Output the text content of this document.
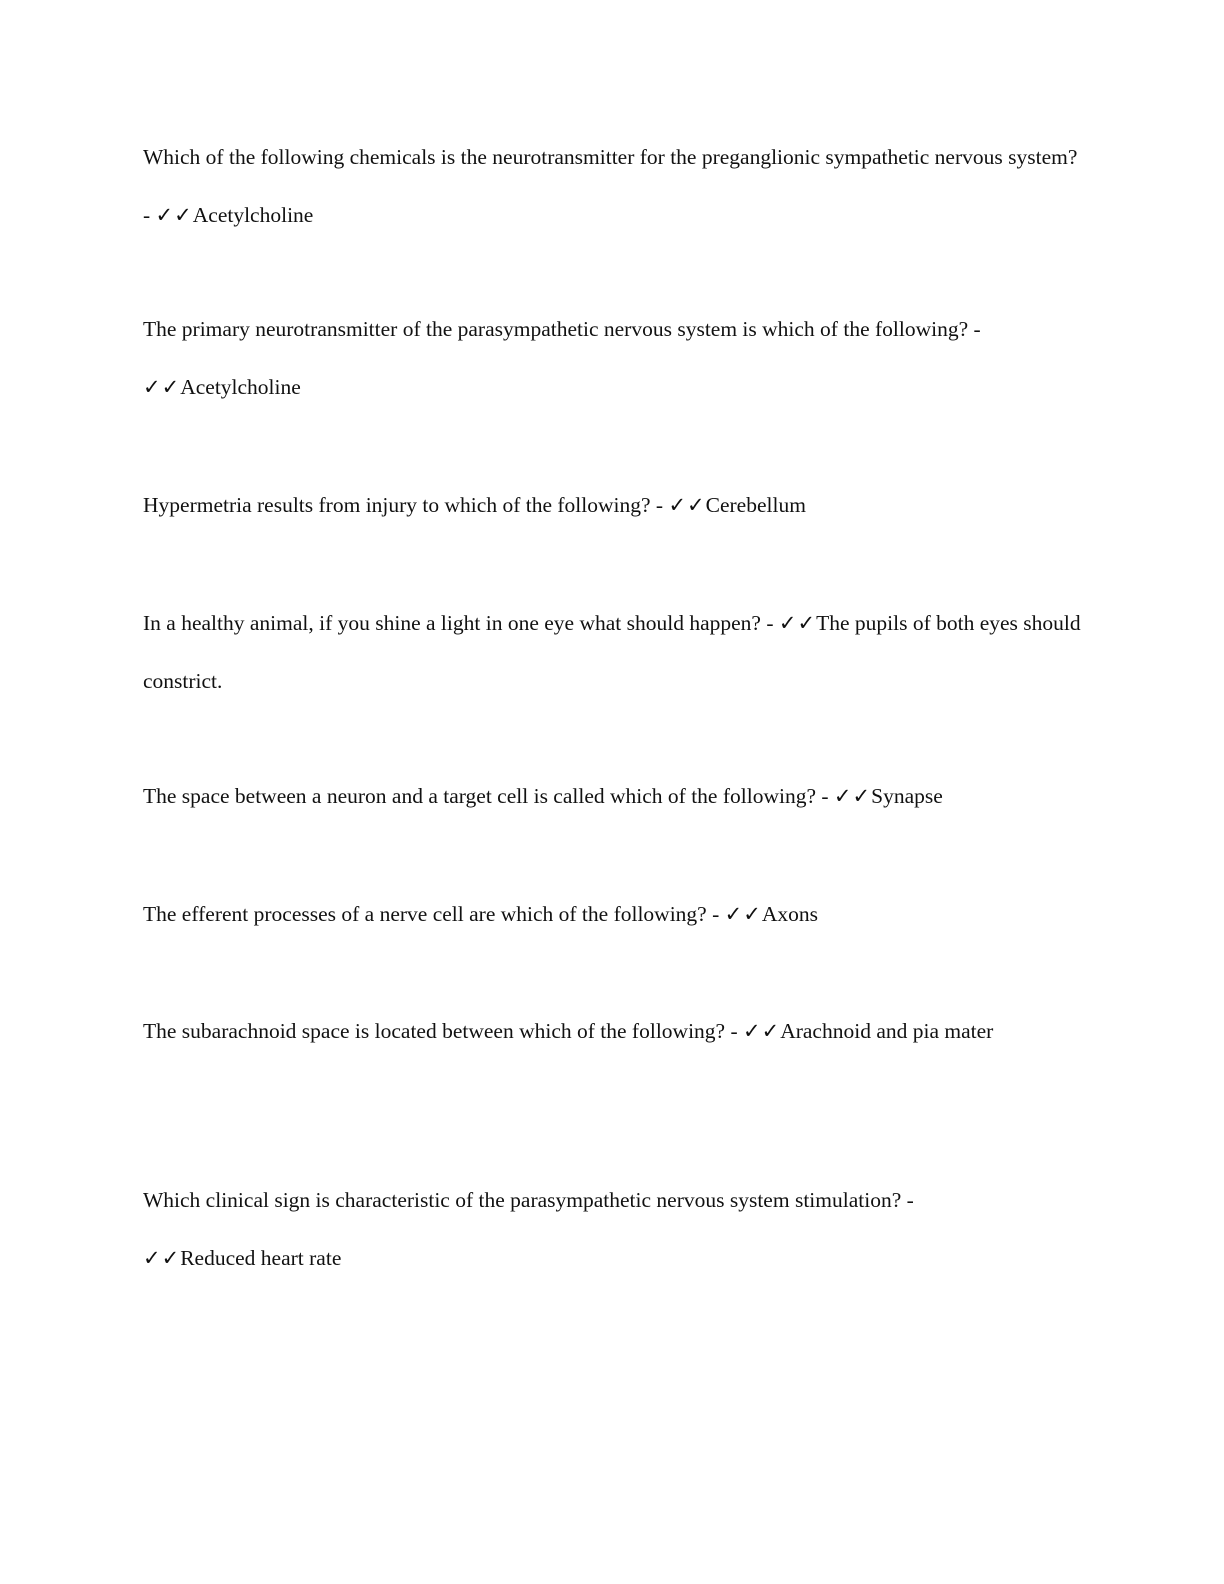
Which of the following chemicals is the neurotransmitter for the preganglionic sympathetic nervous system? - ✓✓Acetylcholine

The primary neurotransmitter of the parasympathetic nervous system is which of the following? -
✓✓Acetylcholine

Hypermetria results from injury to which of the following? - ✓✓Cerebellum

In a healthy animal, if you shine a light in one eye what should happen? - ✓✓The pupils of both eyes should constrict.

The space between a neuron and a target cell is called which of the following? - ✓✓Synapse

The efferent processes of a nerve cell are which of the following? - ✓✓Axons

The subarachnoid space is located between which of the following? - ✓✓Arachnoid and pia mater

Which clinical sign is characteristic of the parasympathetic nervous system stimulation? -
✓✓Reduced heart rate
